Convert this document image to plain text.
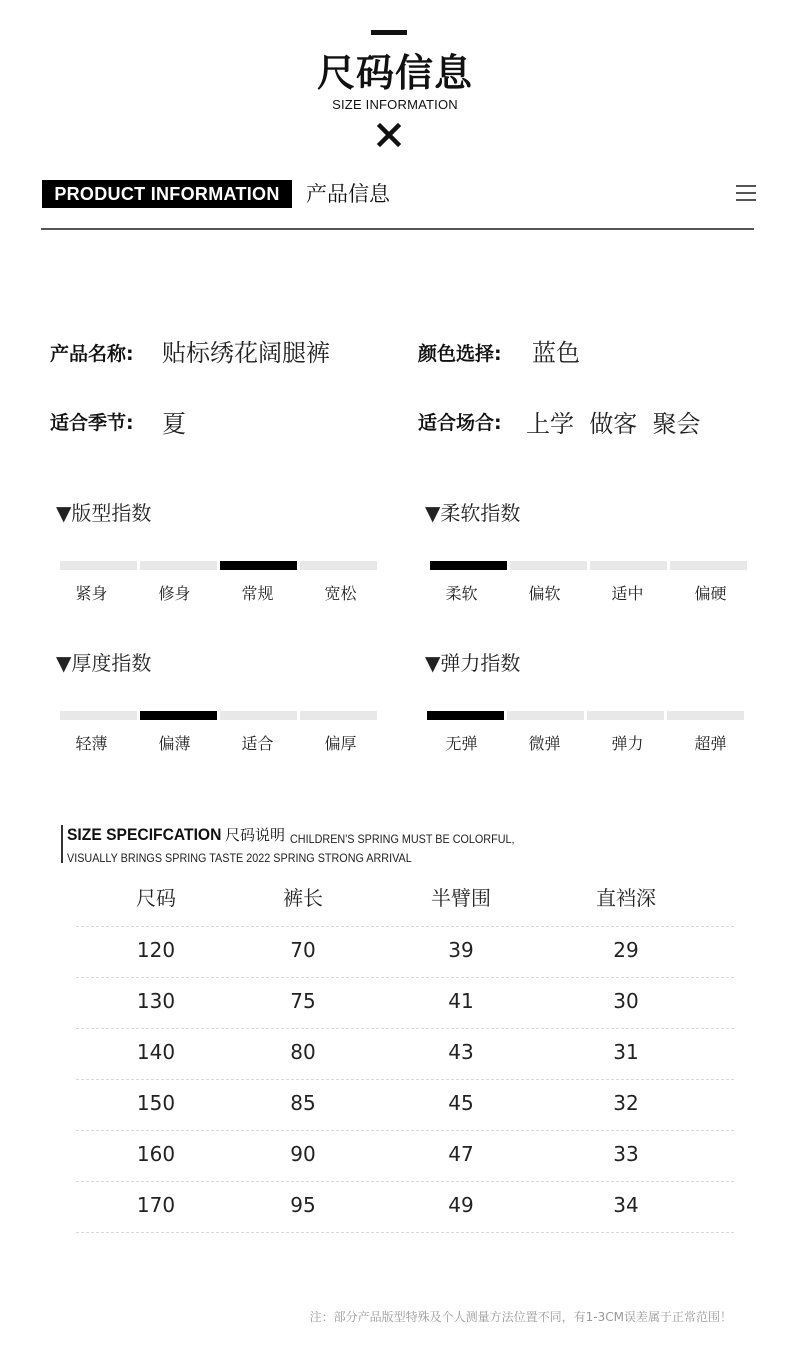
尺码信息
SIZE INFORMATION
PRODUCT INFORMATION	产品信息
产品名称: 贴标绣花阔腿裤	颜色选择: 蓝色
适合季节: 夏	适合场合: 上学  做客  聚会
▼版型指数
紧身	修身	常规	宽松
▼柔软指数
柔软	偏软	适中	偏硬
▼厚度指数
轻薄	偏薄	适合	偏厚
▼弹力指数
无弹	微弹	弹力	超弹
SIZE SPECIFCATION 尺码说明 CHILDREN'S SPRING MUST BE COLORFUL,
VISUALLY BRINGS SPRING TASTE 2022 SPRING STRONG ARRIVAL
尺码	裤长	半臂围	直裆深
120	70	39	29
130	75	41	30
140	80	43	31
150	85	45	32
160	90	47	33
170	95	49	34
注：部分产品版型特殊及个人测量方法位置不同，有1-3CM误差属于正常范围！
